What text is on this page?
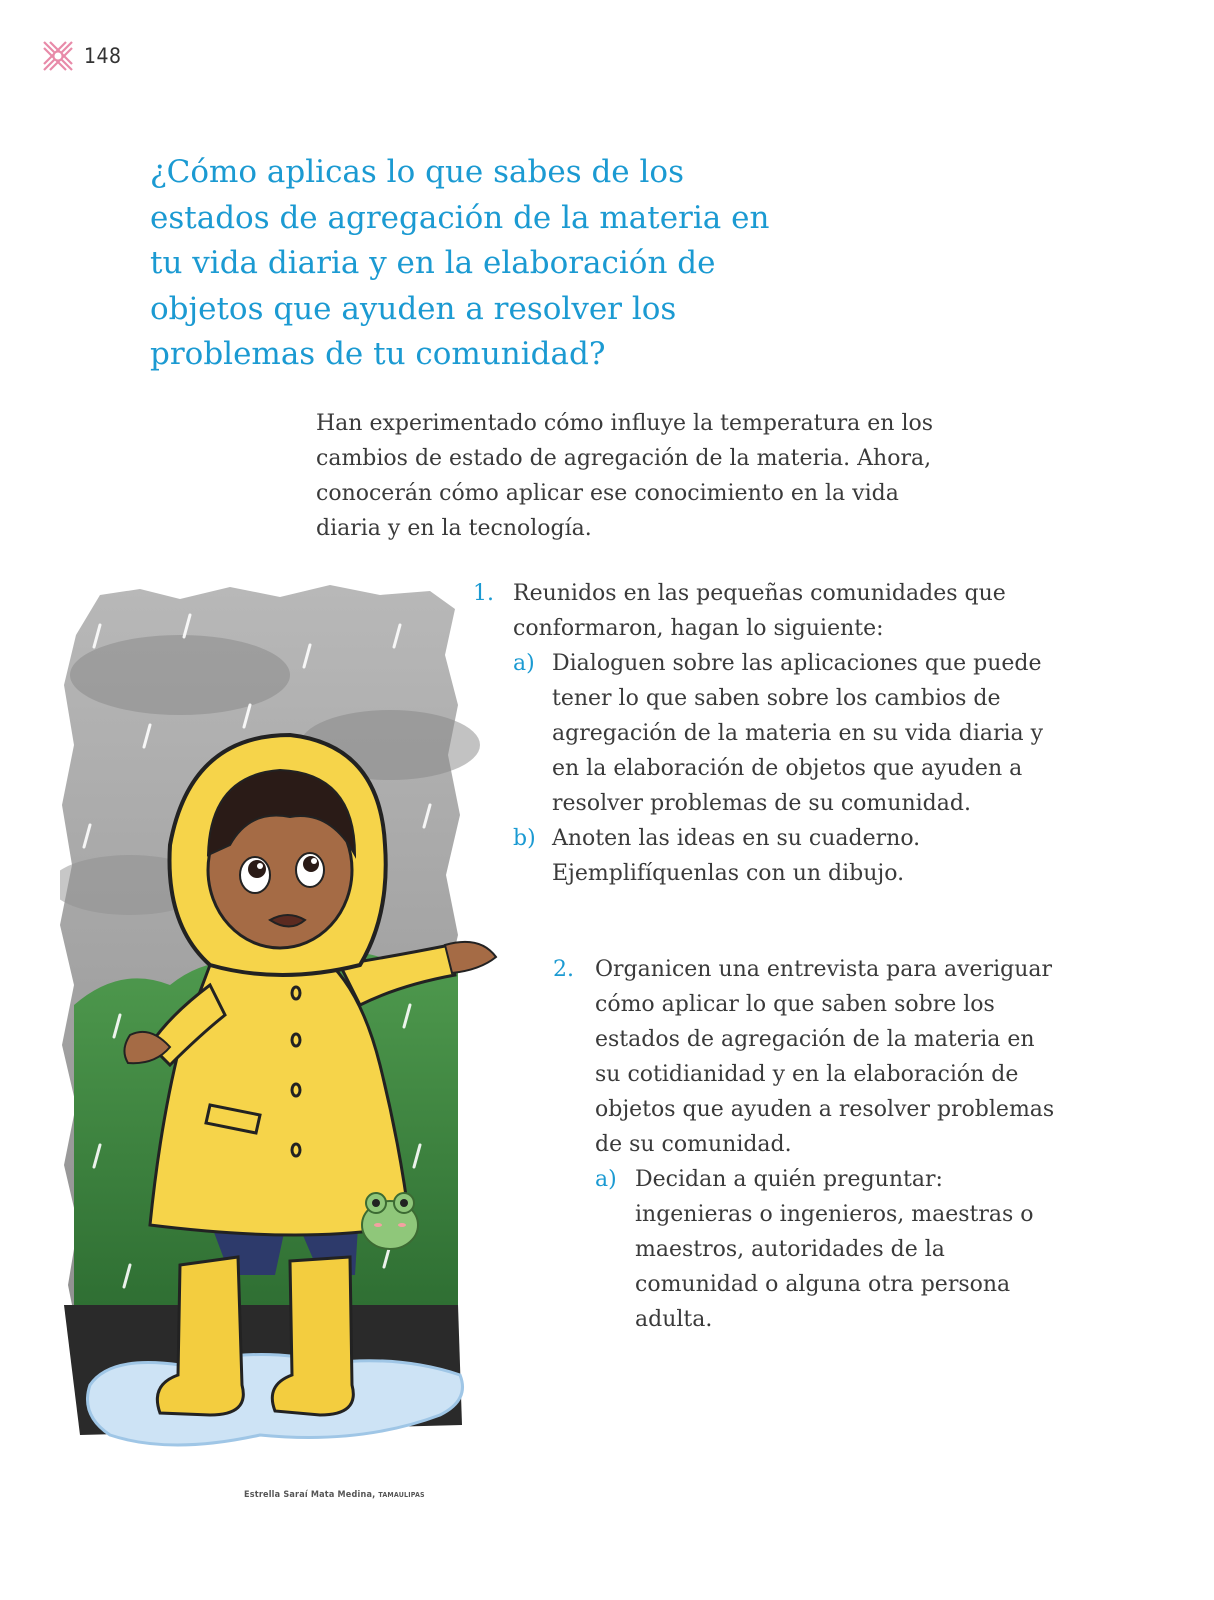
148
¿Cómo aplicas lo que sabes de los estados de agregación de la materia en tu vida diaria y en la elaboración de objetos que ayuden a resolver los problemas de tu comunidad?

Han experimentado cómo influye la temperatura en los cambios de estado de agregación de la materia. Ahora, conocerán cómo aplicar ese conocimiento en la vida diaria y en la tecnología.

1. Reunidos en las pequeñas comunidades que conformaron, hagan lo siguiente:

a) Dialoguen sobre las aplicaciones que puede tener lo que saben sobre los cambios de agregación de la materia en su vida diaria y en la elaboración de objetos que ayuden a resolver problemas de su comunidad.

b) Anoten las ideas en su cuaderno. Ejemplifíquenlas con un dibujo.

2. Organicen una entrevista para averiguar cómo aplicar lo que saben sobre los estados de agregación de la materia en su cotidianidad y en la elaboración de objetos que ayuden a resolver problemas de su comunidad.

a) Decidan a quién preguntar: ingenieras o ingenieros, maestras o maestros, autoridades de la comunidad o alguna otra persona adulta.

Estrella Saraí Mata Medina, TAMAULIPAS
